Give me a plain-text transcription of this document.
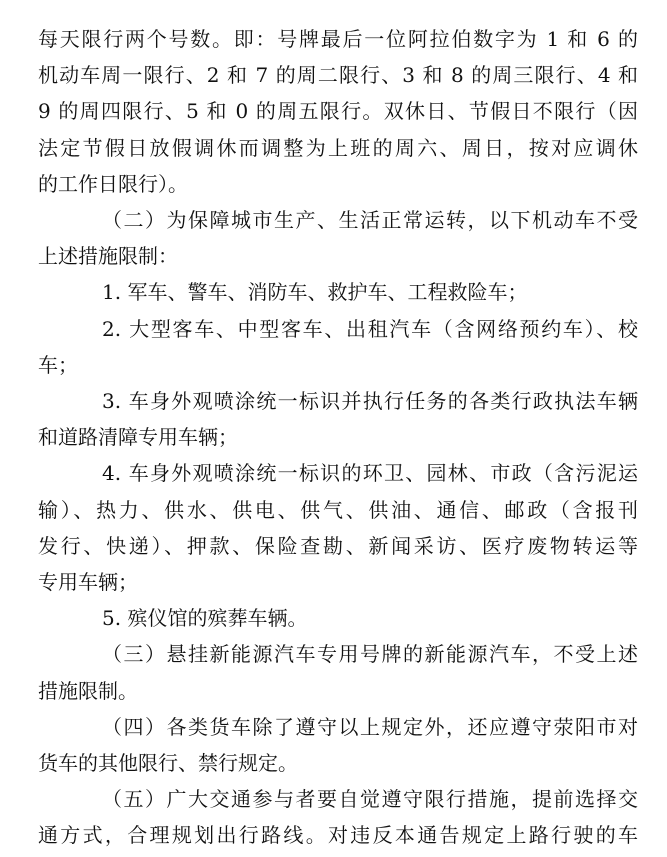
每天限行两个号数。即：号牌最后一位阿拉伯数字为 1 和 6 的
机动车周一限行、2 和 7 的周二限行、3 和 8 的周三限行、4 和
9 的周四限行、5 和 0 的周五限行。双休日、节假日不限行（因
法定节假日放假调休而调整为上班的周六、周日，按对应调休
的工作日限行）。
（二）为保障城市生产、生活正常运转，以下机动车不受
上述措施限制：
1. 军车、警车、消防车、救护车、工程救险车；
2. 大型客车、中型客车、出租汽车（含网络预约车）、校
车；
3. 车身外观喷涂统一标识并执行任务的各类行政执法车辆
和道路清障专用车辆；
4. 车身外观喷涂统一标识的环卫、园林、市政（含污泥运
输）、热力、供水、供电、供气、供油、通信、邮政（含报刊
发行、快递）、押款、保险查勘、新闻采访、医疗废物转运等
专用车辆；
5. 殡仪馆的殡葬车辆。
（三）悬挂新能源汽车专用号牌的新能源汽车，不受上述
措施限制。
（四）各类货车除了遵守以上规定外，还应遵守荥阳市对
货车的其他限行、禁行规定。
（五）广大交通参与者要自觉遵守限行措施，提前选择交
通方式，合理规划出行路线。对违反本通告规定上路行驶的车
